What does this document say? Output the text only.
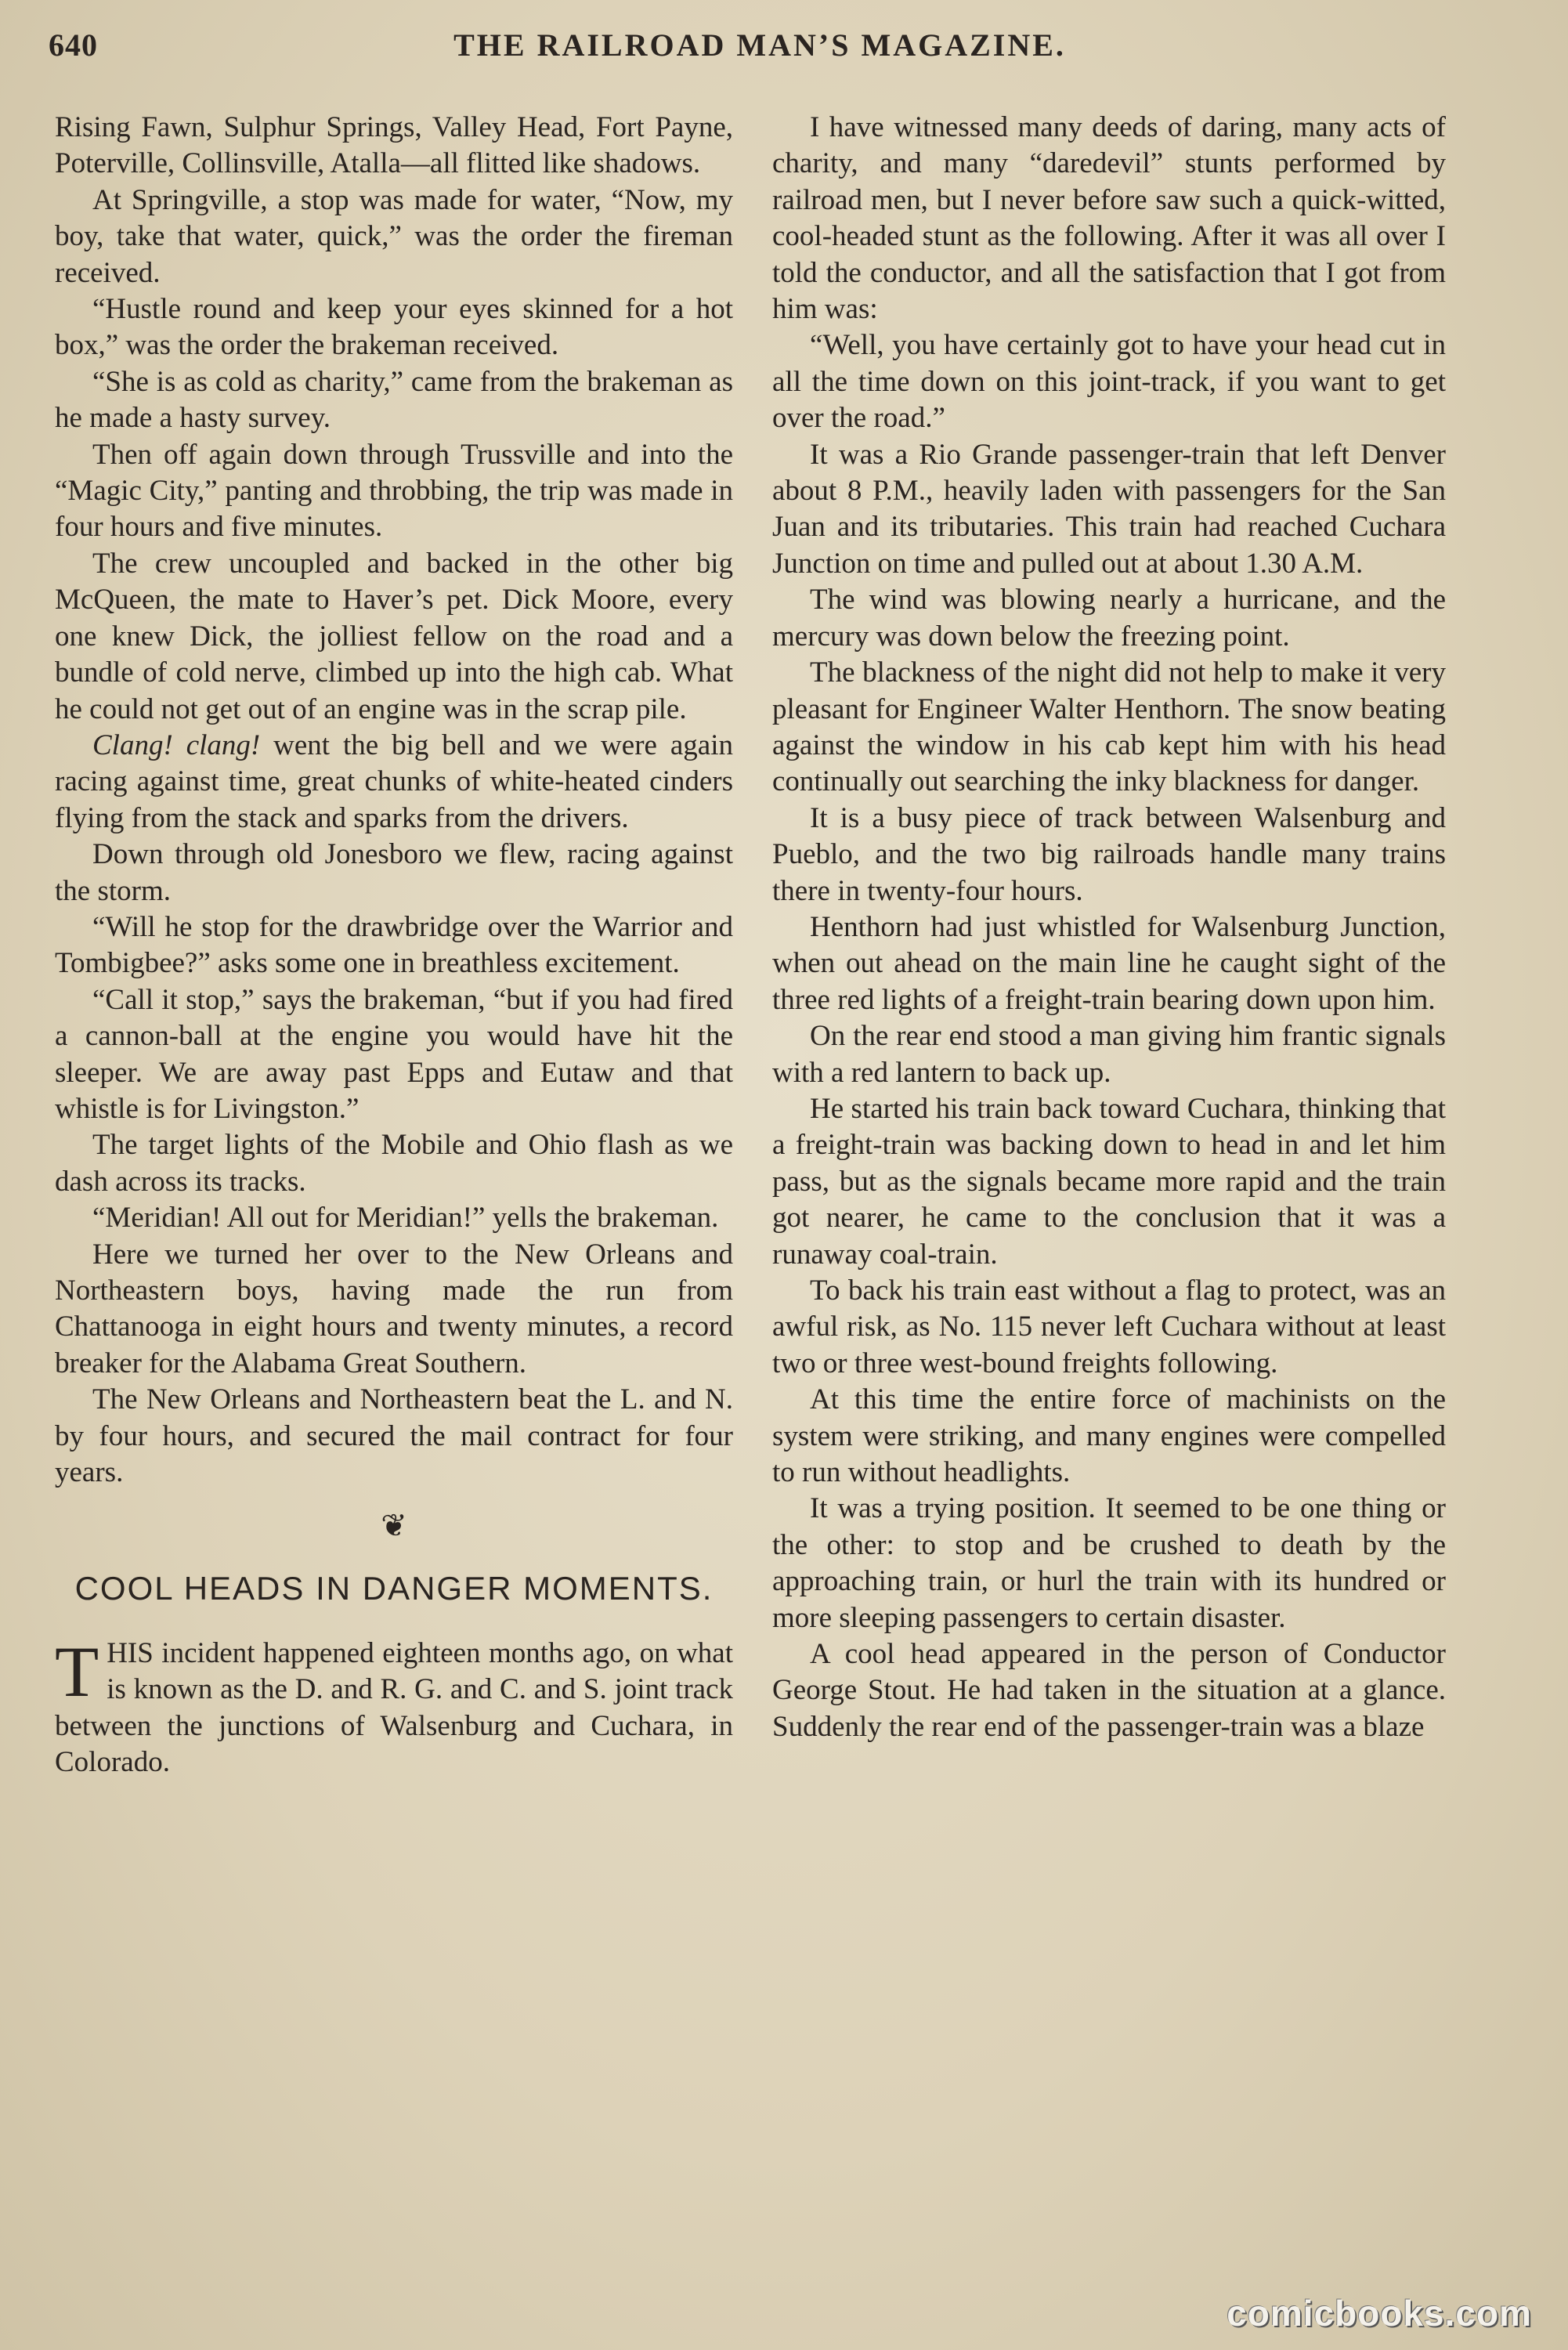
640	THE RAILROAD MAN’S MAGAZINE.

Rising Fawn, Sulphur Springs, Valley Head, Fort Payne, Poterville, Collinsville, Atalla—all flitted like shadows.

At Springville, a stop was made for water, “Now, my boy, take that water, quick,” was the order the fireman received.

“Hustle round and keep your eyes skinned for a hot box,” was the order the brakeman received.

“She is as cold as charity,” came from the brakeman as he made a hasty survey.

Then off again down through Trussville and into the “Magic City,” panting and throbbing, the trip was made in four hours and five minutes.

The crew uncoupled and backed in the other big McQueen, the mate to Haver’s pet. Dick Moore, every one knew Dick, the jolliest fellow on the road and a bundle of cold nerve, climbed up into the high cab. What he could not get out of an engine was in the scrap pile.

Clang! clang! went the big bell and we were again racing against time, great chunks of white-heated cinders flying from the stack and sparks from the drivers.

Down through old Jonesboro we flew, racing against the storm.

“Will he stop for the drawbridge over the Warrior and Tombigbee?” asks some one in breathless excitement.

“Call it stop,” says the brakeman, “but if you had fired a cannon-ball at the engine you would have hit the sleeper. We are away past Epps and Eutaw and that whistle is for Livingston.”

The target lights of the Mobile and Ohio flash as we dash across its tracks.

“Meridian! All out for Meridian!” yells the brakeman.

Here we turned her over to the New Orleans and Northeastern boys, having made the run from Chattanooga in eight hours and twenty minutes, a record breaker for the Alabama Great Southern.

The New Orleans and Northeastern beat the L. and N. by four hours, and secured the mail contract for four years.

❦
COOL HEADS IN DANGER MOMENTS.

THIS incident happened eighteen months ago, on what is known as the D. and R. G. and C. and S. joint track between the junctions of Walsenburg and Cuchara, in Colorado.

I have witnessed many deeds of daring, many acts of charity, and many “daredevil” stunts performed by railroad men, but I never before saw such a quick-witted, cool-headed stunt as the following. After it was all over I told the conductor, and all the satisfaction that I got from him was:

“Well, you have certainly got to have your head cut in all the time down on this joint-track, if you want to get over the road.”

It was a Rio Grande passenger-train that left Denver about 8 P.M., heavily laden with passengers for the San Juan and its tributaries. This train had reached Cuchara Junction on time and pulled out at about 1.30 A.M.

The wind was blowing nearly a hurricane, and the mercury was down below the freezing point.

The blackness of the night did not help to make it very pleasant for Engineer Walter Henthorn. The snow beating against the window in his cab kept him with his head continually out searching the inky blackness for danger.

It is a busy piece of track between Walsenburg and Pueblo, and the two big railroads handle many trains there in twenty-four hours.

Henthorn had just whistled for Walsenburg Junction, when out ahead on the main line he caught sight of the three red lights of a freight-train bearing down upon him.

On the rear end stood a man giving him frantic signals with a red lantern to back up.

He started his train back toward Cuchara, thinking that a freight-train was backing down to head in and let him pass, but as the signals became more rapid and the train got nearer, he came to the conclusion that it was a runaway coal-train.

To back his train east without a flag to protect, was an awful risk, as No. 115 never left Cuchara without at least two or three west-bound freights following.

At this time the entire force of machinists on the system were striking, and many engines were compelled to run without headlights.

It was a trying position. It seemed to be one thing or the other: to stop and be crushed to death by the approaching train, or hurl the train with its hundred or more sleeping passengers to certain disaster.

A cool head appeared in the person of Conductor George Stout. He had taken in the situation at a glance. Suddenly the rear end of the passenger-train was a blaze

comicbooks.com
